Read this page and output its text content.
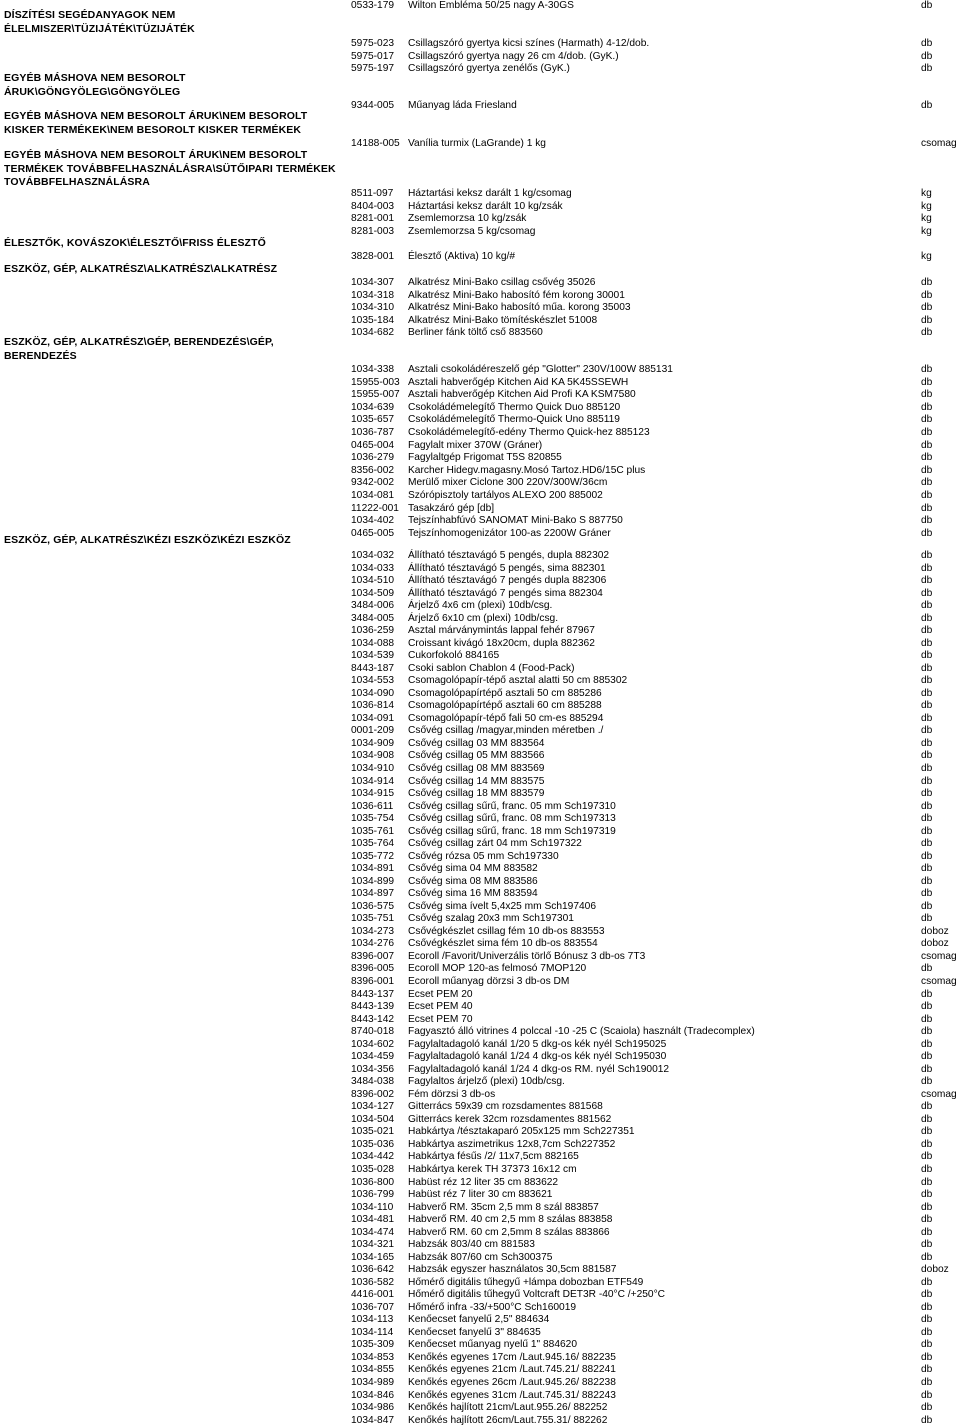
DÍSZÍTÉSI SEGÉDANYAGOK NEM
ÉLELMISZER\TÜZIJÁTÉK\TÜZIJÁTÉK
EGYÉB MÁSHOVA NEM BESOROLT
ÁRUK\GÖNGYÖLEG\GÖNGYÖLEG
EGYÉB MÁSHOVA NEM BESOROLT ÁRUK\NEM BESOROLT
KISKER TERMÉKEK\NEM BESOROLT KISKER TERMÉKEK
EGYÉB MÁSHOVA NEM BESOROLT ÁRUK\NEM BESOROLT
TERMÉKEK TOVÁBBFELHASZNÁLÁSRA\SÜTŐIPARI TERMÉKEK
TOVÁBBFELHASZNÁLÁSRA
ÉLESZTŐK, KOVÁSZOK\ÉLESZTŐ\FRISS ÉLESZTŐ
ESZKÖZ, GÉP, ALKATRÉSZ\ALKATRÉSZ\ALKATRÉSZ
ESZKÖZ, GÉP, ALKATRÉSZ\GÉP, BERENDEZÉS\GÉP,
BERENDEZÉS
ESZKÖZ, GÉP, ALKATRÉSZ\KÉZI ESZKÖZ\KÉZI ESZKÖZ
0533-179 Wilton Embléma 50/25 nagy A-30GS	db
5975-023 Csillagszóró gyertya kicsi színes (Harmath) 4-12/dob.	db
5975-017 Csillagszóró gyertya nagy 26 cm 4/dob. (GyK.)	db
5975-197 Csillagszóró gyertya zenélős (GyK.)	db
9344-005 Műanyag láda Friesland	db
14188-005 Vanília turmix (LaGrande) 1 kg	csomag
8511-097 Háztartási keksz darált 1 kg/csomag	kg
8404-003 Háztartási keksz darált 10 kg/zsák	kg
8281-001 Zsemlemorzsa 10 kg/zsák	kg
8281-003 Zsemlemorzsa 5 kg/csomag	kg
3828-001 Élesztő (Aktiva) 10 kg/#	kg
1034-307 Alkatrész Mini-Bako csillag csővég 35026	db
1034-318 Alkatrész Mini-Bako habosító fém korong 30001	db
1034-310 Alkatrész Mini-Bako habosító műa. korong 35003	db
1035-184 Alkatrész Mini-Bako tömítéskészlet 51008	db
1034-682 Berliner fánk töltő cső 883560	db
1034-338 Asztali csokoládéreszelő gép "Glotter" 230V/100W 885131	db
15955-003 Asztali habverőgép Kitchen Aid KA 5K45SSEWH	db
15955-007 Asztali habverőgép Kitchen Aid Profi KA KSM7580	db
1034-639 Csokoládémelegítő Thermo Quick Duo 885120	db
1035-657 Csokoládémelegítő Thermo-Quick Uno 885119	db
1036-787 Csokoládémelegítő-edény Thermo Quick-hez 885123	db
0465-004 Fagylalt mixer 370W (Gráner)	db
1036-279 Fagylaltgép Frigomat T5S 820855	db
8356-002 Karcher Hidegv.magasny.Mosó Tartoz.HD6/15C plus	db
9342-002 Merülő mixer Ciclone 300 220V/300W/36cm	db
1034-081 Szórópisztoly tartályos ALEXO 200 885002	db
11222-001 Tasakzáró gép [db]	db
1034-402 Tejszínhabfúvó SANOMAT Mini-Bako S 887750	db
0465-005 Tejszínhomogenizátor 100-as 2200W Gráner	db
1034-032 Állítható tésztavágó 5 pengés, dupla 882302	db
1034-033 Állítható tésztavágó 5 pengés, sima 882301	db
1034-510 Állítható tésztavágó 7 pengés dupla 882306	db
1034-509 Állítható tésztavágó 7 pengés sima 882304	db
3484-006 Árjelző 4x6 cm (plexi) 10db/csg.	db
3484-005 Árjelző 6x10 cm (plexi) 10db/csg.	db
1036-259 Asztal márványmintás lappal fehér 87967	db
1034-088 Croissant kivágó 18x20cm, dupla 882362	db
1034-539 Cukorfokoló 884165	db
8443-187 Csoki sablon Chablon 4 (Food-Pack)	db
1034-553 Csomagolópapír-tépő asztal alatti 50 cm 885302	db
1034-090 Csomagolópapírtépő asztali 50 cm 885286	db
1036-814 Csomagolópapírtépő asztali 60 cm 885288	db
1034-091 Csomagolópapír-tépő fali 50 cm-es 885294	db
0001-209 Csővég csillag /magyar,minden méretben ./	db
1034-909 Csővég csillag 03 MM 883564	db
1034-908 Csővég csillag 05 MM 883566	db
1034-910 Csővég csillag 08 MM 883569	db
1034-914 Csővég csillag 14 MM 883575	db
1034-915 Csővég csillag 18 MM 883579	db
1036-611 Csővég csillag sűrű, franc. 05 mm Sch197310	db
1035-754 Csővég csillag sűrű, franc. 08 mm Sch197313	db
1035-761 Csővég csillag sűrű, franc. 18 mm Sch197319	db
1035-764 Csővég csillag zárt 04 mm Sch197322	db
1035-772 Csővég rózsa 05 mm Sch197330	db
1034-891 Csővég sima 04 MM 883582	db
1034-899 Csővég sima 08 MM 883586	db
1034-897 Csővég sima 16 MM 883594	db
1036-575 Csővég sima ívelt 5,4x25 mm Sch197406	db
1035-751 Csővég szalag 20x3 mm Sch197301	db
1034-273 Csővégkészlet csillag fém 10 db-os 883553	doboz
1034-276 Csővégkészlet sima fém 10 db-os 883554	doboz
8396-007 Ecoroll /Favorit/Univerzális törlő Bónusz 3 db-os 7T3	csomag
8396-005 Ecoroll MOP 120-as felmosó 7MOP120	db
8396-001 Ecoroll műanyag dörzsi 3 db-os DM	csomag
8443-137 Ecset PEM 20	db
8443-139 Ecset PEM 40	db
8443-142 Ecset PEM 70	db
8740-018 Fagyasztó álló vitrines 4 polccal -10 -25 C (Scaiola) használt (Tradecomplex)	db
1034-602 Fagylaltadagoló kanál 1/20 5 dkg-os kék nyél Sch195025	db
1034-459 Fagylaltadagoló kanál 1/24 4 dkg-os kék nyél Sch195030	db
1034-356 Fagylaltadagoló kanál 1/24 4 dkg-os RM. nyél Sch190012	db
3484-038 Fagylaltos árjelző (plexi) 10db/csg.	db
8396-002 Fém dörzsi 3 db-os	csomag
1034-127 Gitterrács 59x39 cm rozsdamentes 881568	db
1034-504 Gitterrács kerek 32cm rozsdamentes 881562	db
1035-021 Habkártya /tésztakaparó 205x125 mm Sch227351	db
1035-036 Habkártya aszimetrikus 12x8,7cm Sch227352	db
1034-442 Habkártya fésűs /2/ 11x7,5cm 882165	db
1035-028 Habkártya kerek TH 37373 16x12 cm	db
1036-800 Habüst réz 12 liter 35 cm 883622	db
1036-799 Habüst réz 7 liter 30 cm 883621	db
1034-110 Habverő RM. 35cm 2,5 mm 8 szál 883857	db
1034-481 Habverő RM. 40 cm 2,5 mm 8 szálas 883858	db
1034-474 Habverő RM. 60 cm 2,5mm 8 szálas 883866	db
1034-321 Habzsák 803/40 cm 881583	db
1034-165 Habzsák 807/60 cm Sch300375	db
1036-642 Habzsák egyszer használatos 30,5cm 881587	doboz
1036-582 Hőmérő digitális tűhegyű +lámpa dobozban ETF549	db
4416-001 Hőmérő digitális tűhegyű Voltcraft DET3R -40°C /+250°C	db
1036-707 Hőmérő infra -33/+500°C Sch160019	db
1034-113 Kenőecset fanyelű 2,5" 884634	db
1034-114 Kenőecset fanyelű 3" 884635	db
1035-309 Kenőecset műanyag nyelű 1" 884620	db
1034-853 Kenőkés egyenes 17cm /Laut.945.16/ 882235	db
1034-855 Kenőkés egyenes 21cm /Laut.745.21/ 882241	db
1034-989 Kenőkés egyenes 26cm /Laut.945.26/ 882238	db
1034-846 Kenőkés egyenes 31cm /Laut.745.31/ 882243	db
1034-986 Kenőkés hajlított 21cm/Laut.955.26/ 882252	db
1034-847 Kenőkés hajlított 26cm/Laut.755.31/ 882262	db
